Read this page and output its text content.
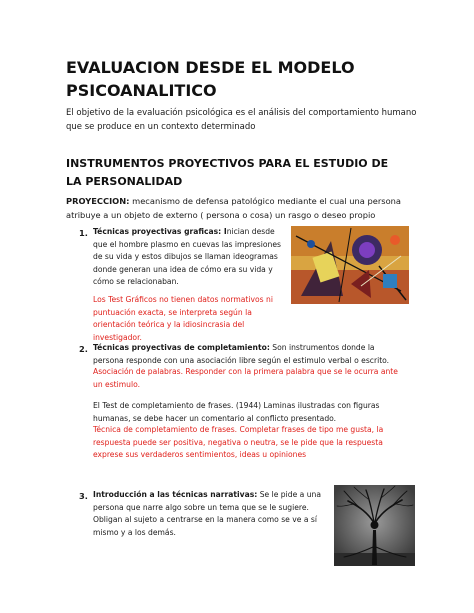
EVALUACION DESDE EL MODELO PSICOANALITICO

El objetivo de la evaluación psicológica es el análisis del comportamiento humano que se produce en un contexto determinado

INSTRUMENTOS PROYECTIVOS PARA EL ESTUDIO DE LA PERSONALIDAD

PROYECCION: mecanismo de defensa patológico mediante el cual una persona atribuye a un objeto de externo ( persona o cosa) un rasgo o deseo propio

1. Técnicas proyectivas graficas: Inician desde que el hombre plasmo en cuevas las impresiones de su vida y estos dibujos se llaman ideogramas donde generan una idea de cómo era su vida y cómo se relacionaban.

Los Test Gráficos no tienen datos normativos ni puntuación exacta, se interpreta según la orientación teórica y la idiosincrasia del investigador.

2. Técnicas proyectivas de completamiento: Son instrumentos donde la persona responde con una asociación libre según el estimulo verbal o escrito.

Asociación de palabras. Responder con la primera palabra que se le ocurra ante un estimulo.

El Test de completamiento de frases. (1944) Laminas ilustradas con figuras humanas, se debe hacer un comentario al conflicto presentado.

Técnica de completamiento de frases. Completar frases de tipo me gusta, la respuesta puede ser positiva, negativa o neutra, se le pide que la respuesta exprese sus verdaderos sentimientos, ideas u opiniones

3. Introducción a las técnicas narrativas: Se le pide a una persona que narre algo sobre un tema que se le sugiere. Obligan al sujeto a centrarse en la manera como se ve a sí mismo y a los demás.
